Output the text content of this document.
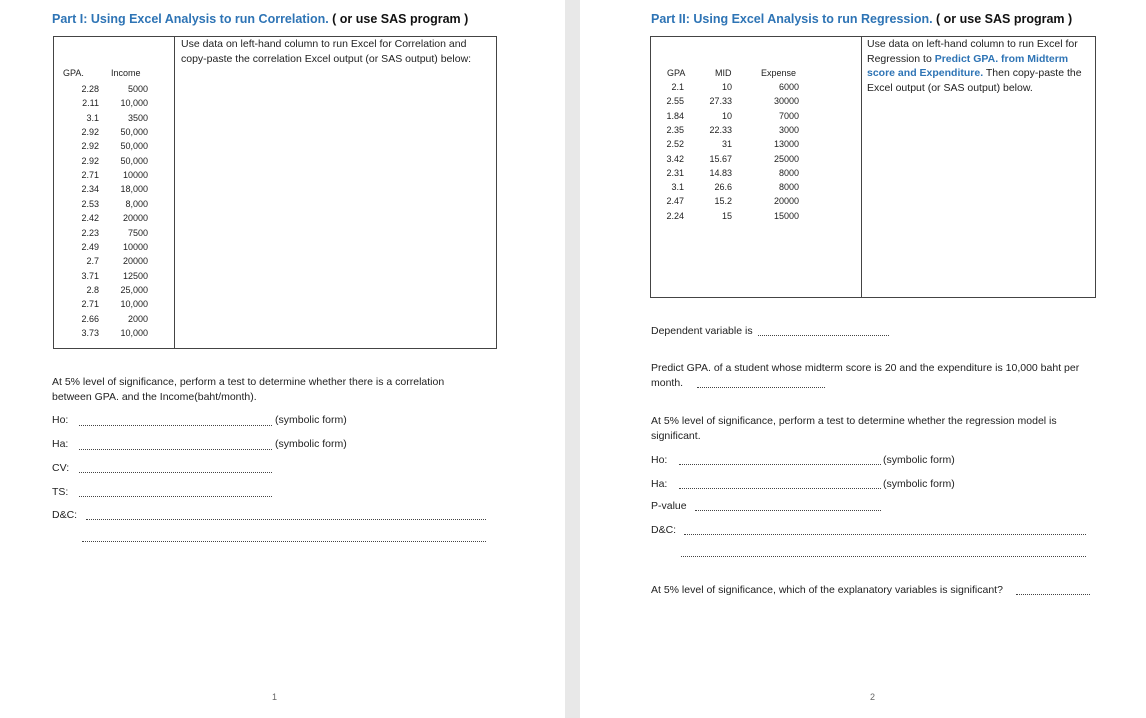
Part I: Using Excel Analysis to run Correlation. ( or use SAS program )
Use data on left-hand column to run Excel for Correlation and
copy-paste the correlation Excel output (or SAS output) below:
GPA.	Income
2.28	5000
2.11	10,000
3.1	3500
2.92	50,000
2.92	50,000
2.92	50,000
2.71	10000
2.34	18,000
2.53	8,000
2.42	20000
2.23	7500
2.49	10000
2.7	20000
3.71	12500
2.8	25,000
2.71	10,000
2.66	2000
3.73	10,000
At 5% level of significance, perform a test to determine whether there is a correlation
between GPA. and the Income(baht/month).
Ho:	(symbolic form)
Ha:	(symbolic form)
CV:
TS:
D&C:
1
Part II: Using Excel Analysis to run Regression. ( or use SAS program )
Use data on left-hand column to run Excel for
Regression to Predict GPA. from Midterm
score and Expenditure. Then copy-paste the
Excel output (or SAS output) below.
GPA	MID	Expense
2.1	10	6000
2.55	27.33	30000
1.84	10	7000
2.35	22.33	3000
2.52	31	13000
3.42	15.67	25000
2.31	14.83	8000
3.1	26.6	8000
2.47	15.2	20000
2.24	15	15000
Dependent variable is
Predict GPA. of a student whose midterm score is 20 and the expenditure is 10,000 baht per
month.
At 5% level of significance, perform a test to determine whether the regression model is
significant.
Ho:	(symbolic form)
Ha:	(symbolic form)
P-value
D&C:
At 5% level of significance, which of the explanatory variables is significant?
2
